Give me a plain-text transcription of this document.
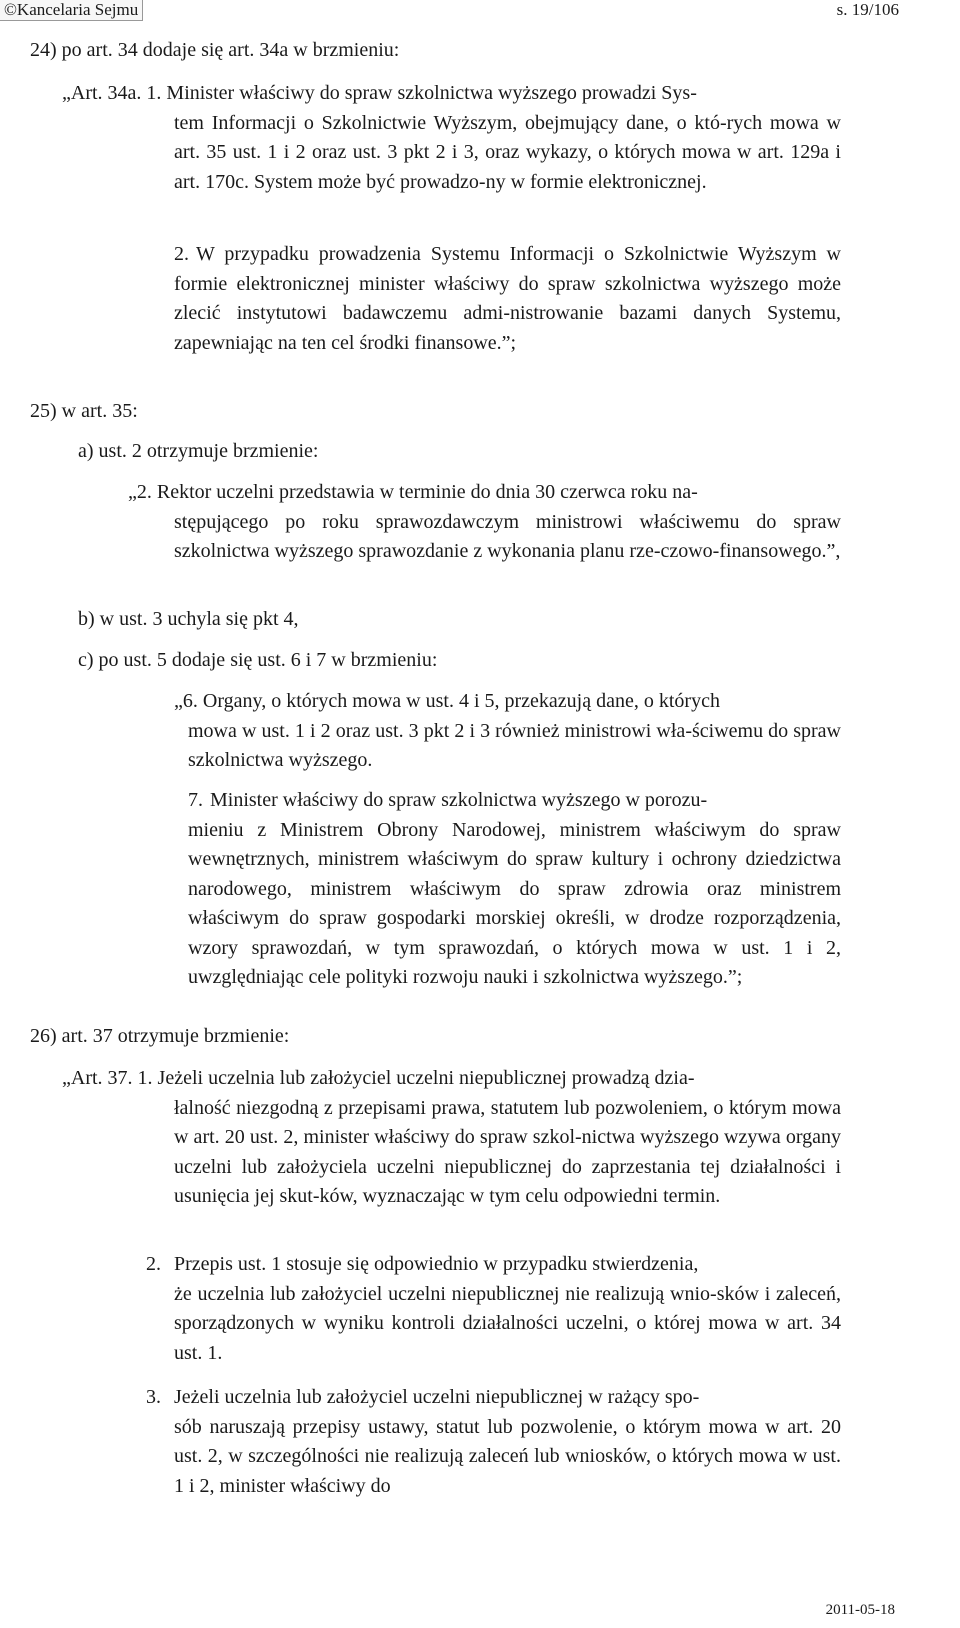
©Kancelaria Sejmu	s. 19/106
24) po art. 34 dodaje się art. 34a w brzmieniu:
„Art. 34a. 1. Minister właściwy do spraw szkolnictwa wyższego prowadzi Sys-
tem Informacji o Szkolnictwie Wyższym, obejmujący dane, o któ-rych mowa w art. 35 ust. 1 i 2 oraz ust. 3 pkt 2 i 3, oraz wykazy, o których mowa w art. 129a i art. 170c. System może być prowadzo-ny w formie elektronicznej.
2. W przypadku prowadzenia Systemu Informacji o Szkolnictwie Wyższym w formie elektronicznej minister właściwy do spraw szkolnictwa wyższego może zlecić instytutowi badawczemu admi-nistrowanie bazami danych Systemu, zapewniając na ten cel środki finansowe.”;
25) w art. 35:
a) ust. 2 otrzymuje brzmienie:
„2. Rektor uczelni przedstawia w terminie do dnia 30 czerwca roku na-
stępującego po roku sprawozdawczym ministrowi właściwemu do spraw szkolnictwa wyższego sprawozdanie z wykonania planu rze-czowo-finansowego.”,
b) w ust. 3 uchyla się pkt 4,
c) po ust. 5 dodaje się ust. 6 i 7 w brzmieniu:
„6. Organy, o których mowa w ust. 4 i 5, przekazują dane, o których
mowa w ust. 1 i 2 oraz ust. 3 pkt 2 i 3 również ministrowi wła-ściwemu do spraw szkolnictwa wyższego.
7. Minister właściwy do spraw szkolnictwa wyższego w porozu-
mieniu z Ministrem Obrony Narodowej, ministrem właściwym do spraw wewnętrznych, ministrem właściwym do spraw kultury i ochrony dziedzictwa narodowego, ministrem właściwym do spraw zdrowia oraz ministrem właściwym do spraw gospodarki morskiej określi, w drodze rozporządzenia, wzory sprawozdań, w tym sprawozdań, o których mowa w ust. 1 i 2, uwzględniając cele polityki rozwoju nauki i szkolnictwa wyższego.”;
26) art. 37 otrzymuje brzmienie:
„Art. 37. 1. Jeżeli uczelnia lub założyciel uczelni niepublicznej prowadzą dzia-
łalność niezgodną z przepisami prawa, statutem lub pozwoleniem, o którym mowa w art. 20 ust. 2, minister właściwy do spraw szkol-nictwa wyższego wzywa organy uczelni lub założyciela uczelni niepublicznej do zaprzestania tej działalności i usunięcia jej skut-ków, wyznaczając w tym celu odpowiedni termin.
2. Przepis ust. 1 stosuje się odpowiednio w przypadku stwierdzenia,
że uczelnia lub założyciel uczelni niepublicznej nie realizują wnio-sków i zaleceń, sporządzonych w wyniku kontroli działalności uczelni, o której mowa w art. 34 ust. 1.
3. Jeżeli uczelnia lub założyciel uczelni niepublicznej w rażący spo-
sób naruszają przepisy ustawy, statut lub pozwolenie, o którym mowa w art. 20 ust. 2, w szczególności nie realizują zaleceń lub wniosków, o których mowa w ust. 1 i 2, minister właściwy do
2011-05-18
